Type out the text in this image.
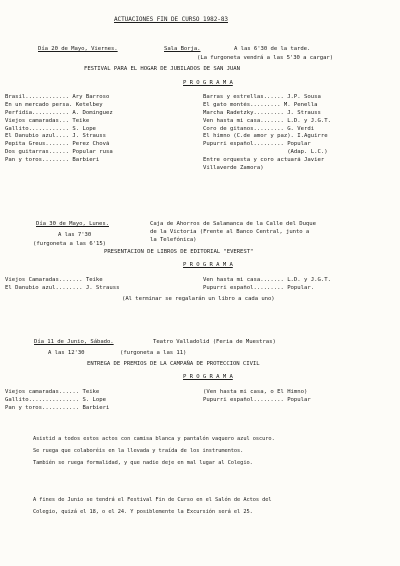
ACTUACIONES FIN DE CURSO 1982-83
Día 20 de Mayo, Viernes.	Sala Borja.	A las 6'30 de la tarde.
(La furgoneta vendrá a las 5'30 a cargar)
FESTIVAL PARA EL HOGAR DE JUBILADOS DE SAN JUAN
P R O G R A M A
Brasil............. Ary Barroso
En un mercado persa. Ketelbey
Perfidia........... A. Dominguez
Viejos camaradas... Teike
Gallito............ S. Lope
El Danubio azul.... J. Strauss
Pepita Greus....... Perez Chová
Dos guitarras...... Popular rusa
Pan y toros........ Barbieri
Barras y estrellas...... J.P. Sousa
El gato montés......... M. Penella
Marcha Radetzky......... J. Strauss
Ven hasta mi casa....... L.D. y J.G.T.
Coro de gitanos......... G. Verdi
El himno (C.de amor y paz). I.Aguirre
Pupurri español......... Popular
(Adap. L.C.)
Entre orquesta y coro actuará Javier
Villaverde Zamora)
Día 30 de Mayo, Lunes.	Caja de Ahorros de Salamanca de la Calle del Duque
de la Victoria (Frente al Banco Central, junto a
la Telefónica)
A las 7'30
(furgoneta a las 6'15)
PRESENTACION DE LIBROS DE EDITORIAL "EVEREST"
P R O G R A M A
Viejos Camaradas....... Teike
El Danubio azul........ J. Strauss
Ven hasta mi casa....... L.D. y J.G.T.
Pupurri español......... Popular.
(Al terminar se regalarán un libro a cada uno)
Día 11 de Junio, Sábado.	Teatro Valladolid (Feria de Muestras)
A las 12'30	(furgoneta a las 11)
ENTREGA DE PREMIOS DE LA CAMPAÑA DE PROTECCION CIVIL
P R O G R A M A
Viejos camaradas...... Teike
Gallito............... S. Lope
Pan y toros........... Barbieri
(Ven hasta mi casa, o El Himno)
Pupurri español......... Popular
Asistid a todos estos actos con camisa blanca y pantalón vaquero azul oscuro.
Se ruega que colaboréis en la llevada y traída de los instrumentos.
También se ruega formalidad, y que nadie deje en mal lugar al Colegio.
A fines de Junio se tendrá el Festival Fin de Curso en el Salón de Actos del
Colegio, quizá el 18, o el 24. Y posiblemente la Excursión será el 25.
